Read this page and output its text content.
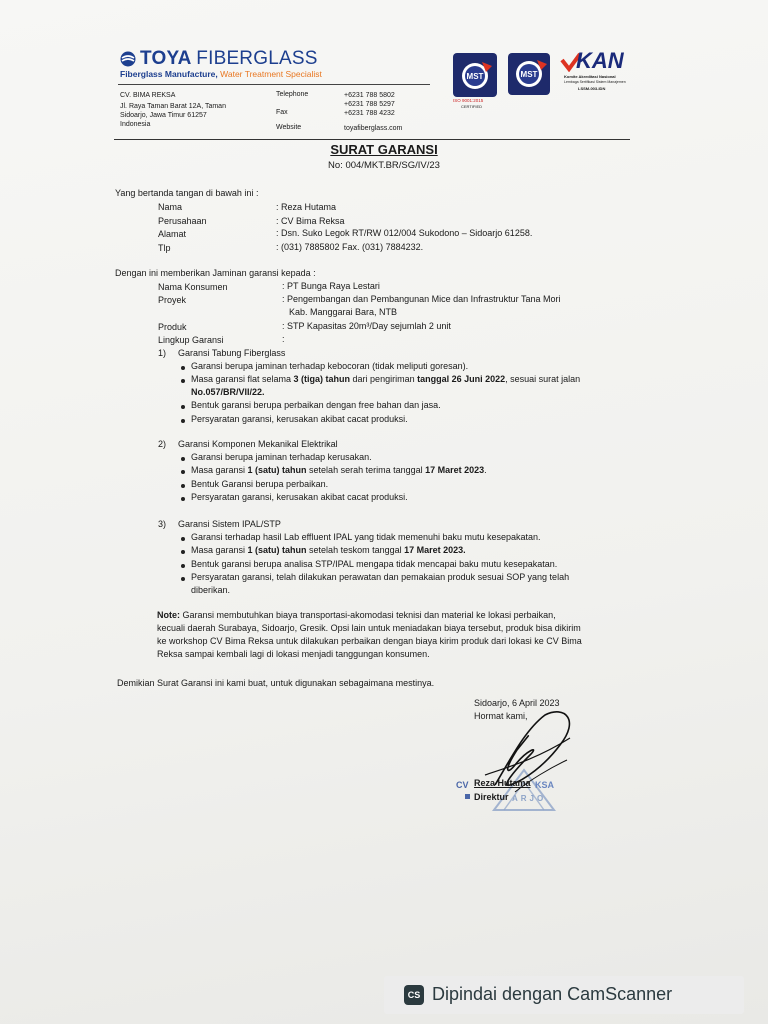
TOYA FIBERGLASS
Fiberglass Manufacture, Water Treatment Specialist
CV. BIMA REKSA
Jl. Raya Taman Barat 12A, Taman
Sidoarjo, Jawa Timur 61257
Indonesia
Telephone	+6231 788 5802
+6231 788 5297
Fax	+6231 788 4232
Website	toyafiberglass.com
MST
ISO 9001:2015
CERTIFIED
MST
KAN
Komite Akreditasi Nasional
Lembaga Sertifikasi Sistem Manajemen
LSSM-003-IDN
SURAT GARANSI
No: 004/MKT.BR/SG/IV/23
Yang bertanda tangan di bawah ini :
Nama	: Reza Hutama
Perusahaan	: CV Bima Reksa
Alamat	: Dsn. Suko Legok RT/RW 012/004 Sukodono – Sidoarjo 61258.
Tlp	: (031) 7885802 Fax. (031) 7884232.
Dengan ini memberikan Jaminan garansi kepada :
Nama Konsumen	: PT Bunga Raya Lestari
Proyek	: Pengembangan dan Pembangunan Mice dan Infrastruktur Tana Mori
Kab. Manggarai Bara, NTB
Produk	: STP Kapasitas 20m³/Day sejumlah 2 unit
Lingkup Garansi	:
1) Garansi Tabung Fiberglass
Garansi berupa jaminan terhadap kebocoran (tidak meliputi goresan).
Masa garansi flat selama 3 (tiga) tahun dari pengiriman tanggal 26 Juni 2022, sesuai surat jalan
No.057/BR/VII/22.
Bentuk garansi berupa perbaikan dengan free bahan dan jasa.
Persyaratan garansi, kerusakan akibat cacat produksi.
2) Garansi Komponen Mekanikal Elektrikal
Garansi berupa jaminan terhadap kerusakan.
Masa garansi 1 (satu) tahun setelah serah terima tanggal 17 Maret 2023.
Bentuk Garansi berupa perbaikan.
Persyaratan garansi, kerusakan akibat cacat produksi.
3) Garansi Sistem IPAL/STP
Garansi terhadap hasil Lab effluent IPAL yang tidak memenuhi baku mutu kesepakatan.
Masa garansi 1 (satu) tahun setelah teskom tanggal 17 Maret 2023.
Bentuk garansi berupa analisa STP/IPAL mengapa tidak mencapai baku mutu kesepakatan.
Persyaratan garansi, telah dilakukan perawatan dan pemakaian produk sesuai SOP yang telah
diberikan.
Note: Garansi membutuhkan biaya transportasi-akomodasi teknisi dan material ke lokasi perbaikan,
kecuali daerah Surabaya, Sidoarjo, Gresik. Opsi lain untuk meniadakan biaya tersebut, produk bisa dikirim
ke workshop CV Bima Reksa untuk dilakukan perbaikan dengan biaya kirim produk dari lokasi ke CV Bima
Reksa sampai kembali lagi di lokasi menjadi tanggungan konsumen.
Demikian Surat Garansi ini kami buat, untuk digunakan sebagaimana mestinya.
Sidoarjo, 6 April 2023
Hormat kami,
CV	KSA
ARJO
Reza Hutama
Direktur
CS Dipindai dengan CamScanner
